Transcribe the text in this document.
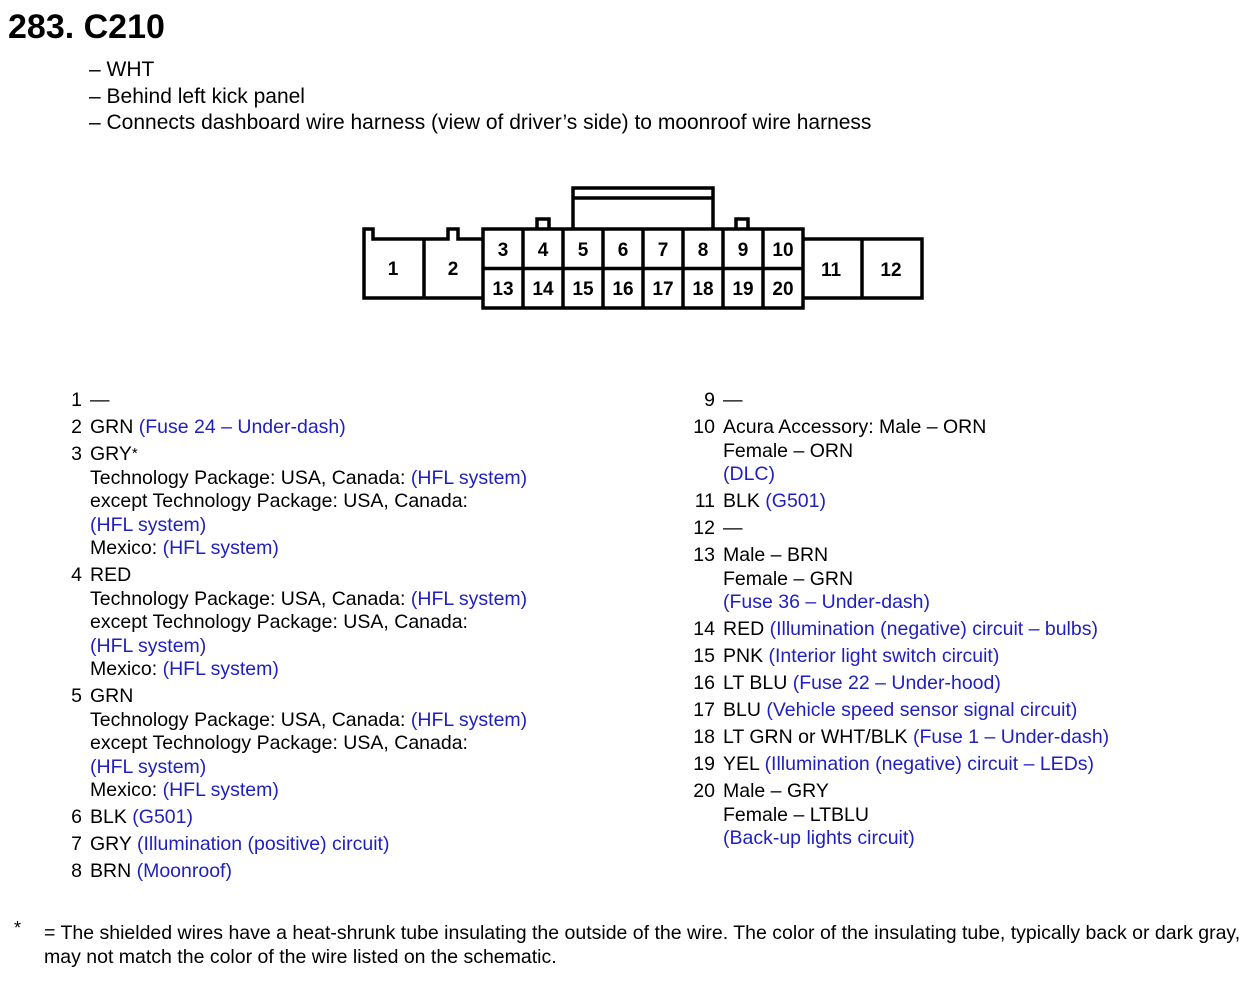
283. C210
– WHT
– Behind left kick panel
– Connects dashboard wire harness (view of driver’s side) to moonroof wire harness
1	2
3 4 5 6 7 8 9 10
13 14 15 16 17 18 19 20
11 12
1 —
2 GRN (Fuse 24 – Under-dash)
3 GRY*
Technology Package: USA, Canada: (HFL system)
except Technology Package: USA, Canada:
(HFL system)
Mexico: (HFL system)
4 RED
Technology Package: USA, Canada: (HFL system)
except Technology Package: USA, Canada:
(HFL system)
Mexico: (HFL system)
5 GRN
Technology Package: USA, Canada: (HFL system)
except Technology Package: USA, Canada:
(HFL system)
Mexico: (HFL system)
6 BLK (G501)
7 GRY (Illumination (positive) circuit)
8 BRN (Moonroof)
9 —
10 Acura Accessory: Male – ORN
Female – ORN
(DLC)
11 BLK (G501)
12 —
13 Male – BRN
Female – GRN
(Fuse 36 – Under-dash)
14 RED (Illumination (negative) circuit – bulbs)
15 PNK (Interior light switch circuit)
16 LT BLU (Fuse 22 – Under-hood)
17 BLU (Vehicle speed sensor signal circuit)
18 LT GRN or WHT/BLK (Fuse 1 – Under-dash)
19 YEL (Illumination (negative) circuit – LEDs)
20 Male – GRY
Female – LTBLU
(Back-up lights circuit)
* = The shielded wires have a heat-shrunk tube insulating the outside of the wire. The color of the insulating tube, typically back or dark gray, may not match the color of the wire listed on the schematic.
